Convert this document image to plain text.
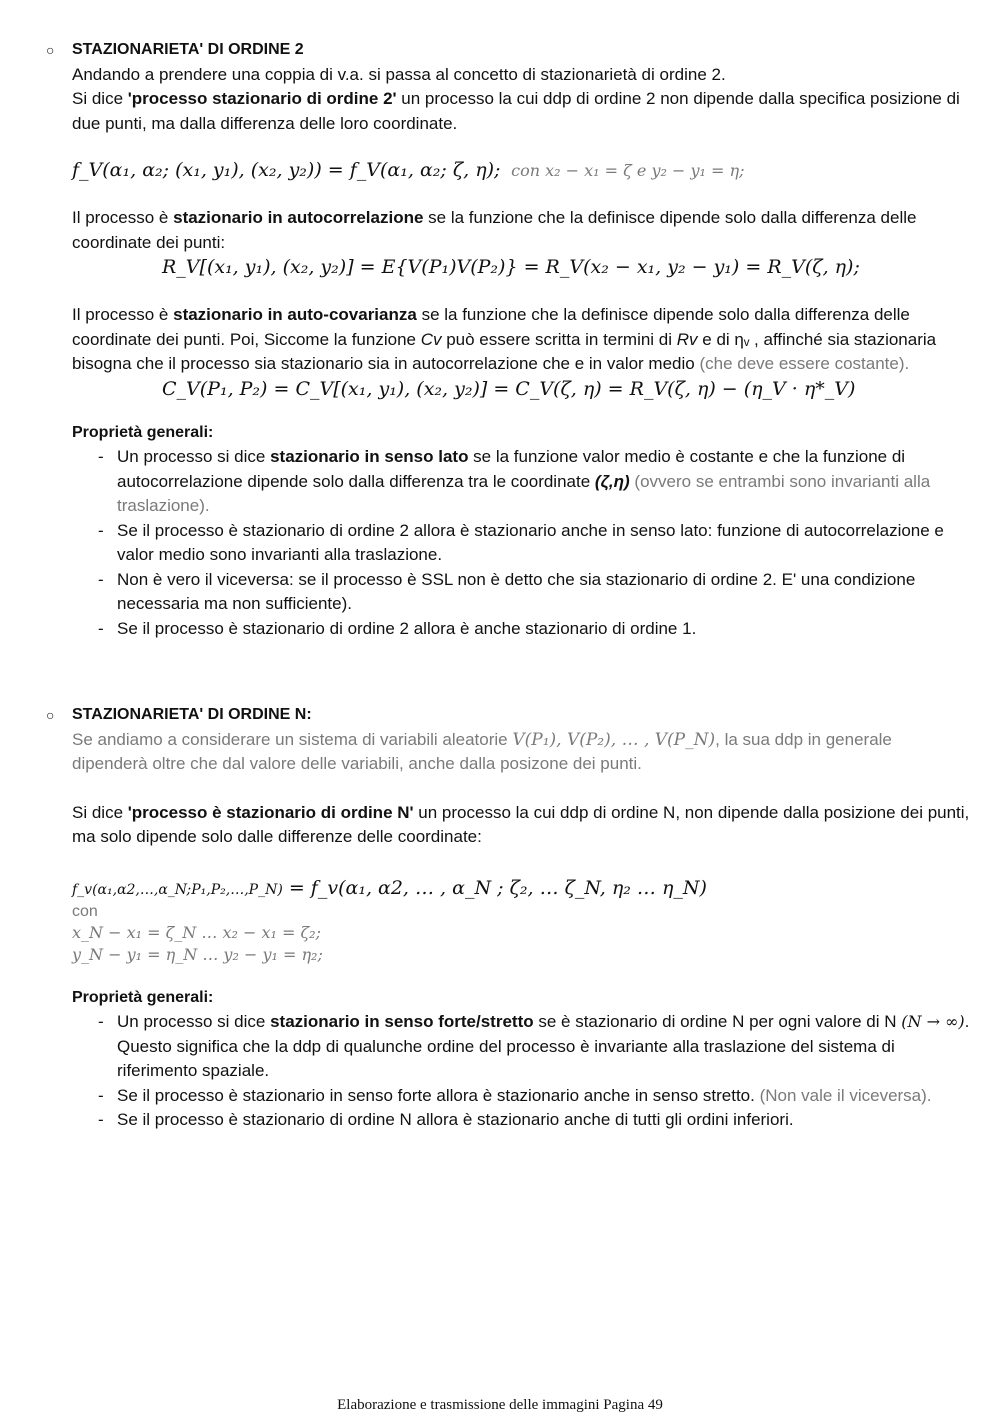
○ STAZIONARIETA' DI ORDINE 2

Andando a prendere una coppia di v.a. si passa al concetto di stazionarietà di ordine 2.

Si dice 'processo stazionario di ordine 2' un processo la cui ddp di ordine 2 non dipende dalla specifica posizione di due punti, ma dalla differenza delle loro coordinate.

f_V(α₁, α₂; (x₁, y₁), (x₂, y₂)) = f_V(α₁, α₂; ζ, η); con x₂ − x₁ = ζ e y₂ − y₁ = η;

Il processo è stazionario in autocorrelazione se la funzione che la definisce dipende solo dalla differenza delle coordinate dei punti:

R_V[(x₁, y₁), (x₂, y₂)] = E{V(P₁)V(P₂)} = R_V(x₂ − x₁, y₂ − y₁) = R_V(ζ, η);

Il processo è stazionario in auto-covarianza se la funzione che la definisce dipende solo dalla differenza delle coordinate dei punti. Poi, Siccome la funzione Cv può essere scritta in termini di Rv e di ηᵥ , affinché sia stazionaria bisogna che il processo sia stazionario sia in autocorrelazione che e in valor medio (che deve essere costante).

C_V(P₁, P₂) = C_V[(x₁, y₁), (x₂, y₂)] = C_V(ζ, η) = R_V(ζ, η) − (η_V · η*_V)
Proprietà generali:
- Un processo si dice stazionario in senso lato se la funzione valor medio è costante e che la funzione di autocorrelazione dipende solo dalla differenza tra le coordinate (ζ,η) (ovvero se entrambi sono invarianti alla traslazione).
- Se il processo è stazionario di ordine 2 allora è stazionario anche in senso lato: funzione di autocorrelazione e valor medio sono invarianti alla traslazione.
- Non è vero il viceversa: se il processo è SSL non è detto che sia stazionario di ordine 2. E' una condizione necessaria ma non sufficiente).
- Se il processo è stazionario di ordine 2 allora è anche stazionario di ordine 1.
○ STAZIONARIETA' DI ORDINE N:

Se andiamo a considerare un sistema di variabili aleatorie V(P₁), V(P₂), … , V(P_N), la sua ddp in generale dipenderà oltre che dal valore delle variabili, anche dalla posizone dei punti.

Si dice 'processo è stazionario di ordine N' un processo la cui ddp di ordine N, non dipende dalla posizione dei punti, ma solo dipende solo dalle differenze delle coordinate:

f_v(α₁,α2,…,α_N;P₁,P₂,…,P_N) = f_v(α₁, α2, … , α_N ; ζ₂, … ζ_N, η₂ … η_N)
con
x_N − x₁ = ζ_N … x₂ − x₁ = ζ₂;
y_N − y₁ = η_N … y₂ − y₁ = η₂;
Proprietà generali:
- Un processo si dice stazionario in senso forte/stretto se è stazionario di ordine N per ogni valore di N (N → ∞). Questo significa che la ddp di qualunche ordine del processo è invariante alla traslazione del sistema di riferimento spaziale.
- Se il processo è stazionario in senso forte allora è stazionario anche in senso stretto. (Non vale il viceversa).
- Se il processo è stazionario di ordine N allora è stazionario anche di tutti gli ordini inferiori.
Elaborazione e trasmissione delle immagini Pagina 49
